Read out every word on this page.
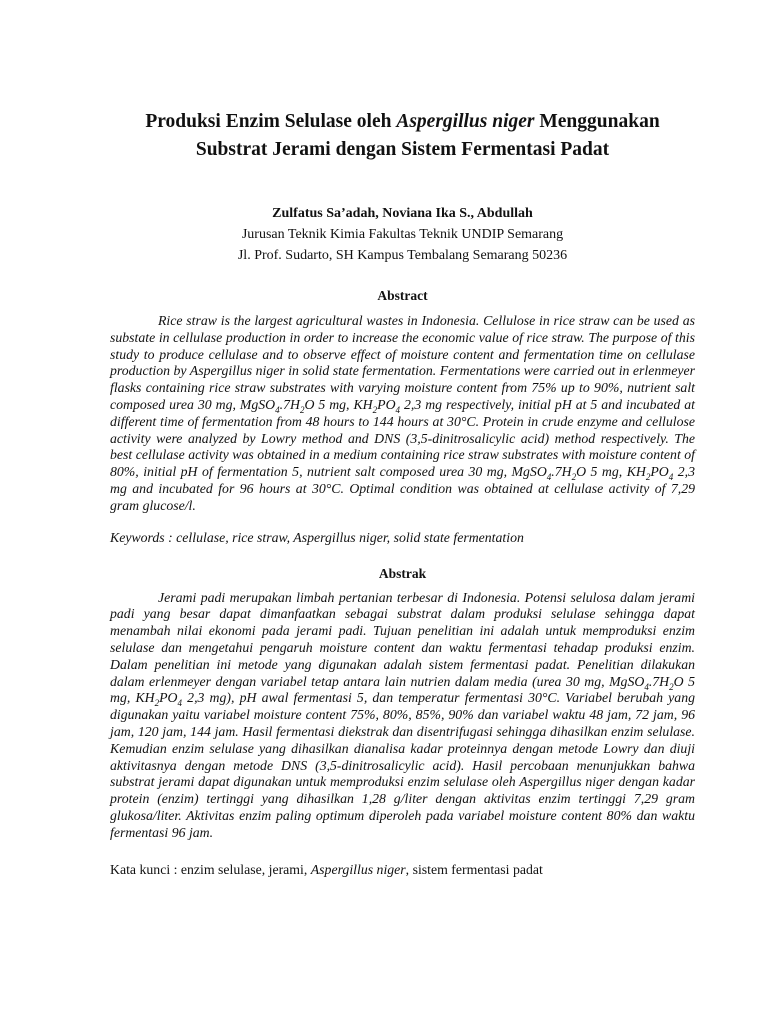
Produksi Enzim Selulase oleh Aspergillus niger Menggunakan Substrat Jerami dengan Sistem Fermentasi Padat
Zulfatus Sa’adah, Noviana Ika S., Abdullah
Jurusan Teknik Kimia Fakultas Teknik UNDIP Semarang
Jl. Prof. Sudarto, SH Kampus Tembalang Semarang 50236
Abstract

Rice straw is the largest agricultural wastes in Indonesia. Cellulose in rice straw can be used as substate in cellulase production in order to increase the economic value of rice straw. The purpose of this study to produce cellulase and to observe effect of moisture content and fermentation time on cellulase production by Aspergillus niger in solid state fermentation. Fermentations were carried out in erlenmeyer flasks containing rice straw substrates with varying moisture content from 75% up to 90%, nutrient salt composed urea 30 mg, $MgSO_4.7H_2O$ 5 mg, $KH_2PO_4$ 2,3 mg respectively, initial pH at 5 and incubated at different time of fermentation from 48 hours to 144 hours at 30°C. Protein in crude enzyme and cellulose activity were analyzed by Lowry method and DNS (3,5-dinitrosalicylic acid) method respectively. The best cellulase activity was obtained in a medium containing rice straw substrates with moisture content of 80%, initial pH of fermentation 5, nutrient salt composed urea 30 mg, $MgSO_4.7H_2O$ 5 mg, $KH_2PO_4$ 2,3 mg and incubated for 96 hours at 30°C. Optimal condition was obtained at cellulase activity of 7,29 gram glucose/l.

Keywords : cellulase, rice straw, Aspergillus niger, solid state fermentation
Abstrak

Jerami padi merupakan limbah pertanian terbesar di Indonesia. Potensi selulosa dalam jerami padi yang besar dapat dimanfaatkan sebagai substrat dalam produksi selulase sehingga dapat menambah nilai ekonomi pada jerami padi. Tujuan penelitian ini adalah untuk memproduksi enzim selulase dan mengetahui pengaruh moisture content dan waktu fermentasi tehadap produksi enzim. Dalam penelitian ini metode yang digunakan adalah sistem fermentasi padat. Penelitian dilakukan dalam erlenmeyer dengan variabel tetap antara lain nutrien dalam media (urea 30 mg, $MgSO_4.7H_2O$ 5 mg, $KH_2PO_4$ 2,3 mg), pH awal fermentasi 5, dan temperatur fermentasi 30°C. Variabel berubah yang digunakan yaitu variabel moisture content 75%, 80%, 85%, 90% dan variabel waktu 48 jam, 72 jam, 96 jam, 120 jam, 144 jam. Hasil fermentasi diekstrak dan disentrifugasi sehingga dihasilkan enzim selulase. Kemudian enzim selulase yang dihasilkan dianalisa kadar proteinnya dengan metode Lowry dan diuji aktivitasnya dengan metode DNS (3,5-dinitrosalicylic acid). Hasil percobaan menunjukkan bahwa substrat jerami dapat digunakan untuk memproduksi enzim selulase oleh Aspergillus niger dengan kadar protein (enzim) tertinggi yang dihasilkan 1,28 g/liter dengan aktivitas enzim tertinggi 7,29 gram glukosa/liter. Aktivitas enzim paling optimum diperoleh pada variabel moisture content 80% dan waktu fermentasi 96 jam.

Kata kunci : enzim selulase, jerami, Aspergillus niger, sistem fermentasi padat
